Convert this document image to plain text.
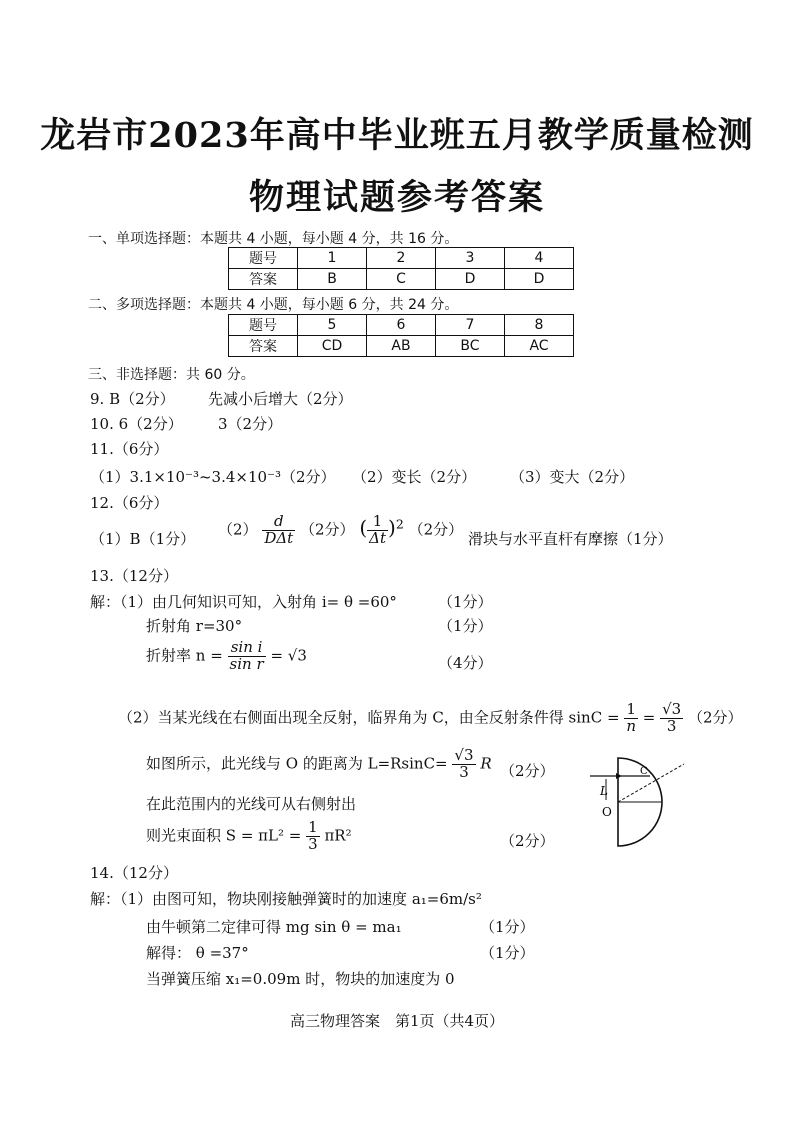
龙岩市2023年高中毕业班五月教学质量检测
物理试题参考答案
一、单项选择题：本题共 4 小题，每小题 4 分，共 16 分。
题号	1	2	3	4
答案	B	C	D	D
二、多项选择题：本题共 4 小题，每小题 6 分，共 24 分。
题号	5	6	7	8
答案	CD	AB	BC	AC
三、非选择题：共 60 分。
9. B（2分） 先减小后增大（2分）
10. 6（2分） 3（2分）
11.（6分）
（1）3.1×10⁻³~3.4×10⁻³（2分） （2）变长（2分） （3）变大（2分）
12.（6分）
（1）B（1分）
$(2) \frac{d}{\text{DΔt}} (2$分） ( $\frac{1}{\Delta t} )^2$ （2分）
滑块与水平直杆有摩擦（1分）
13.（12分）
解：（1）由几何知识可知，入射角 i= θ =60°	（1分）
折射角 r=30°	（1分）
折射率 $n = \frac{\text{sin i}}{\text{sin r}} = √3$	（4分）
（2）当某光线在右侧面出现全反射，临界角为 C，由全反射条件得 $\sin C = \frac{1}{n} = \frac{√3}{3} (2$分）
如图所示，此光线与 O 的距离为 $L=RsinC= \frac{√3}{3}$ R （2分）
在此范围内的光线可从右侧射出
则光束面积 $S = \pi L^2 = \frac{1}{3} \pi R^2$	（2分）
L
O
C
14.（12分）
解：（1）由图可知，物块刚接触弹簧时的加速度 a₁=6m/s²
由牛顿第二定律可得 mg sin θ = ma₁	（1分）
解得： θ =37°	（1分）
当弹簧压缩 x₁=0.09m 时，物块的加速度为 0
高三物理答案　第1页（共4页）
